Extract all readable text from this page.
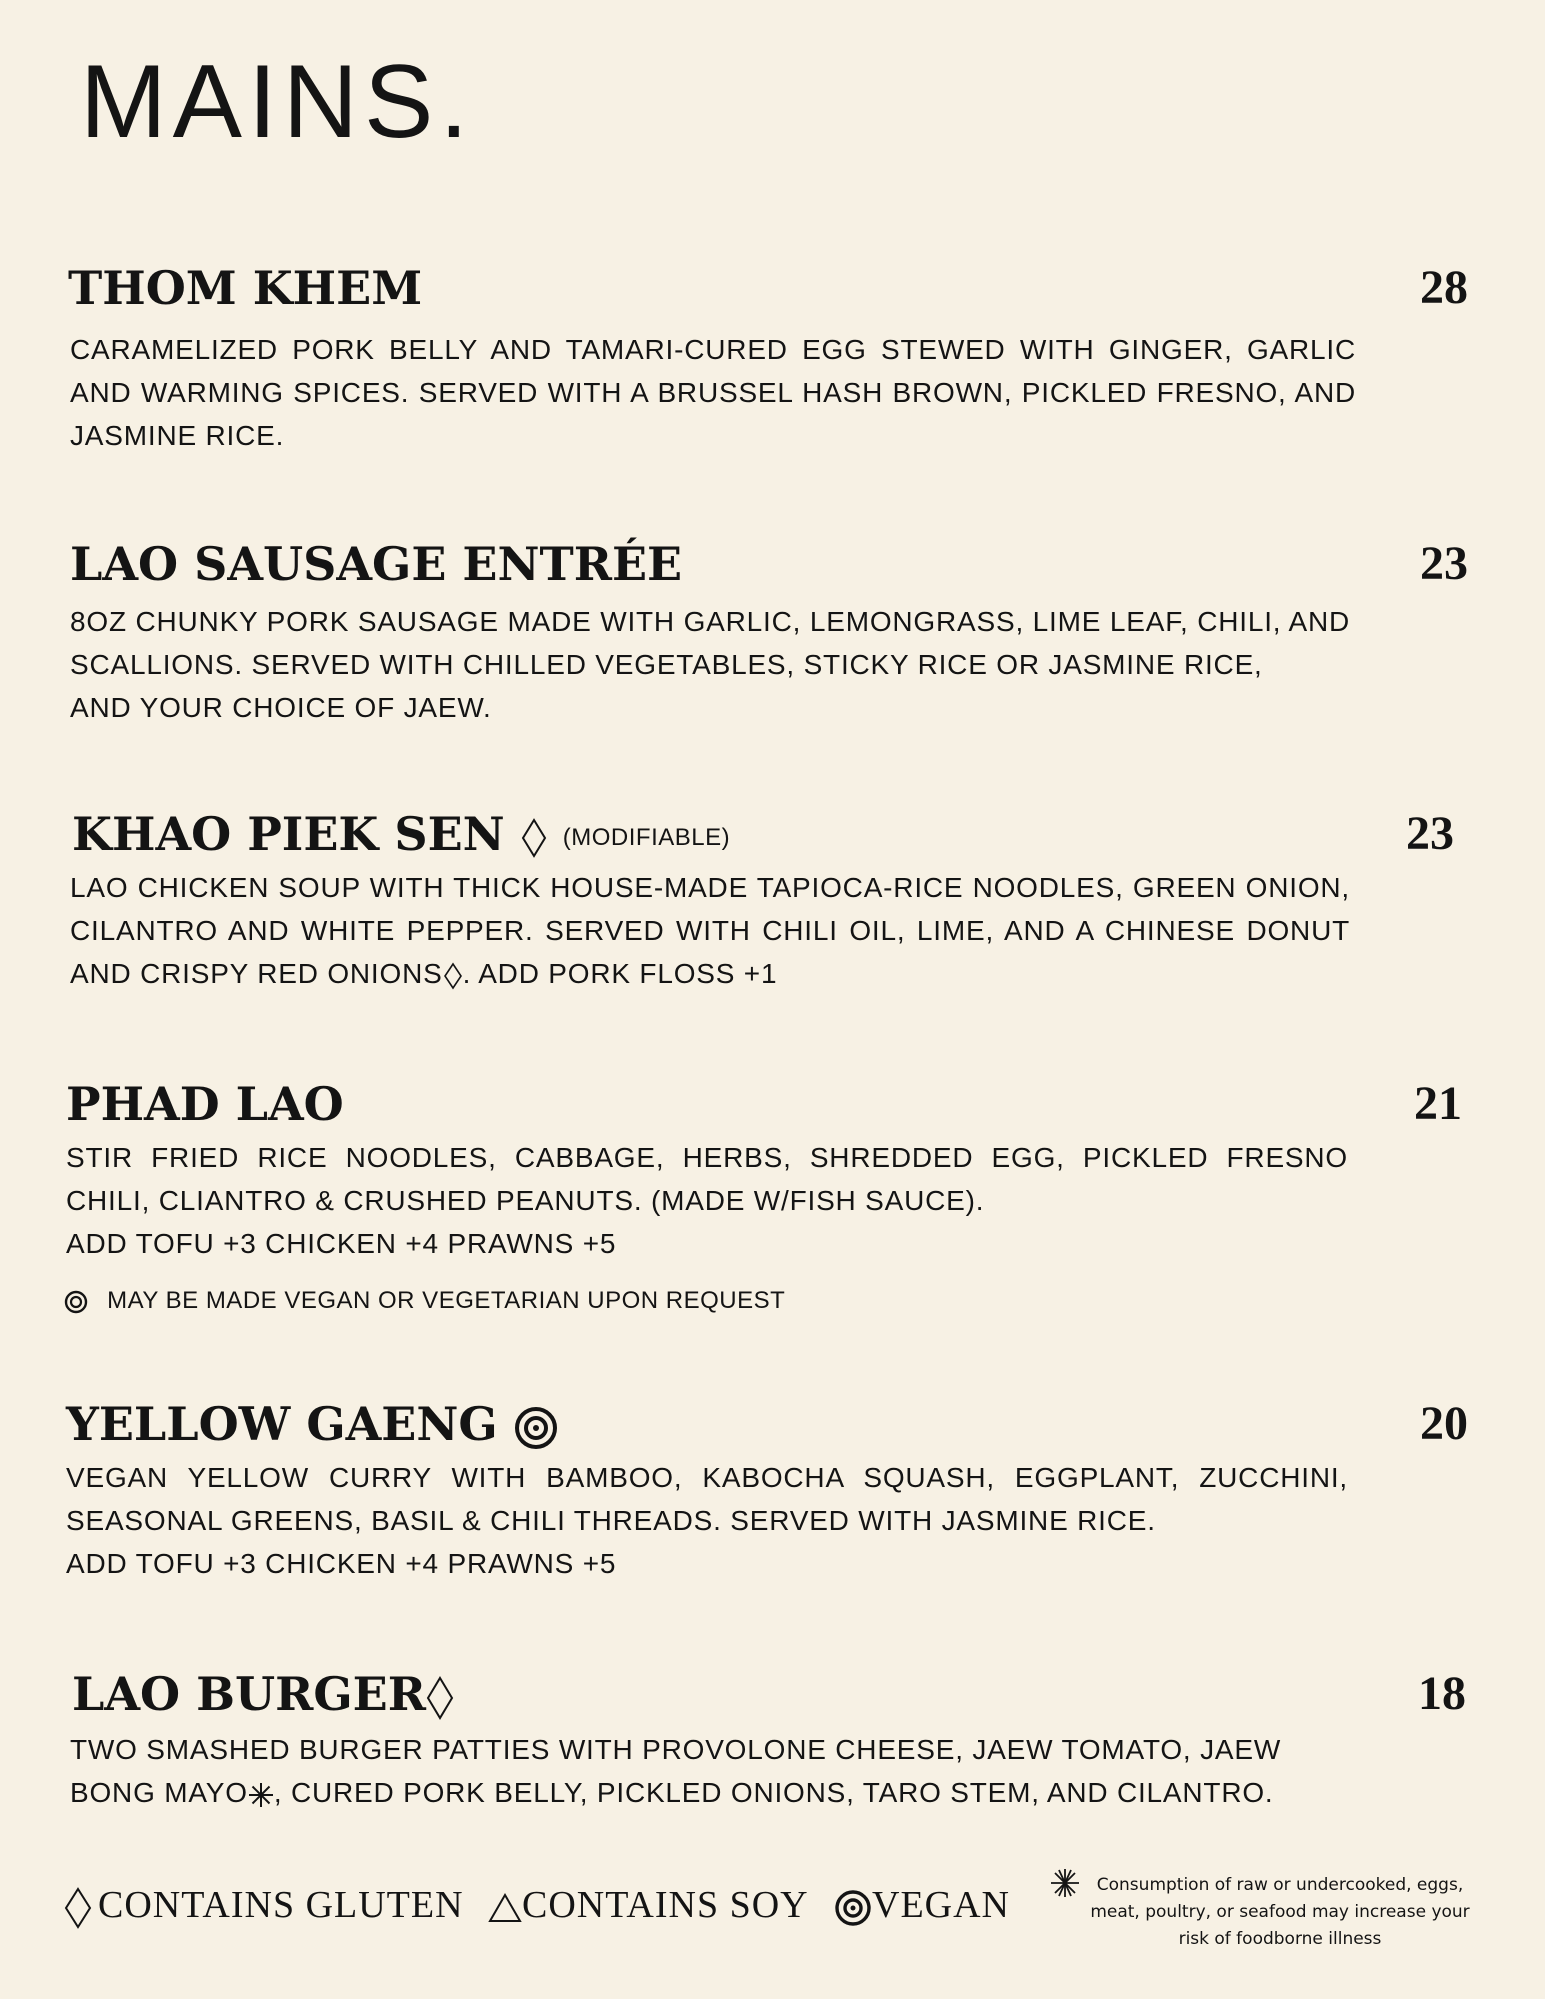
MAINS.
THOM KHEM	28

CARAMELIZED PORK BELLY AND TAMARI-CURED EGG STEWED WITH GINGER, GARLIC AND WARMING SPICES. SERVED WITH A BRUSSEL HASH BROWN, PICKLED FRESNO, AND JASMINE RICE.

LAO SAUSAGE ENTRÉE	23
8OZ CHUNKY PORK SAUSAGE MADE WITH GARLIC, LEMONGRASS, LIME LEAF, CHILI, AND
SCALLIONS. SERVED WITH CHILLED VEGETABLES, STICKY RICE OR JASMINE RICE,
AND YOUR CHOICE OF JAEW.
KHAO PIEK SEN (MODIFIABLE)	23

LAO CHICKEN SOUP WITH THICK HOUSE-MADE TAPIOCA-RICE NOODLES, GREEN ONION, CILANTRO AND WHITE PEPPER. SERVED WITH CHILI OIL, LIME, AND A CHINESE DONUT AND CRISPY RED ONIONS . ADD PORK FLOSS +1

PHAD LAO	21

STIR FRIED RICE NOODLES, CABBAGE, HERBS, SHREDDED EGG, PICKLED FRESNO CHILI, CLIANTRO & CRUSHED PEANUTS. (MADE W/FISH SAUCE).

ADD TOFU +3 CHICKEN +4 PRAWNS +5

MAY BE MADE VEGAN OR VEGETARIAN UPON REQUEST
YELLOW GAENG	20

VEGAN YELLOW CURRY WITH BAMBOO, KABOCHA SQUASH, EGGPLANT, ZUCCHINI, SEASONAL GREENS, BASIL & CHILI THREADS. SERVED WITH JASMINE RICE.

ADD TOFU +3 CHICKEN +4 PRAWNS +5

LAO BURGER	18

TWO SMASHED BURGER PATTIES WITH PROVOLONE CHEESE, JAEW TOMATO, JAEW BONG MAYO , CURED PORK BELLY, PICKLED ONIONS, TARO STEM, AND CILANTRO.

CONTAINS GLUTEN	CONTAINS SOY	VEGAN	Consumption of raw or undercooked, eggs, meat, poultry, or seafood may increase your risk of foodborne illness
